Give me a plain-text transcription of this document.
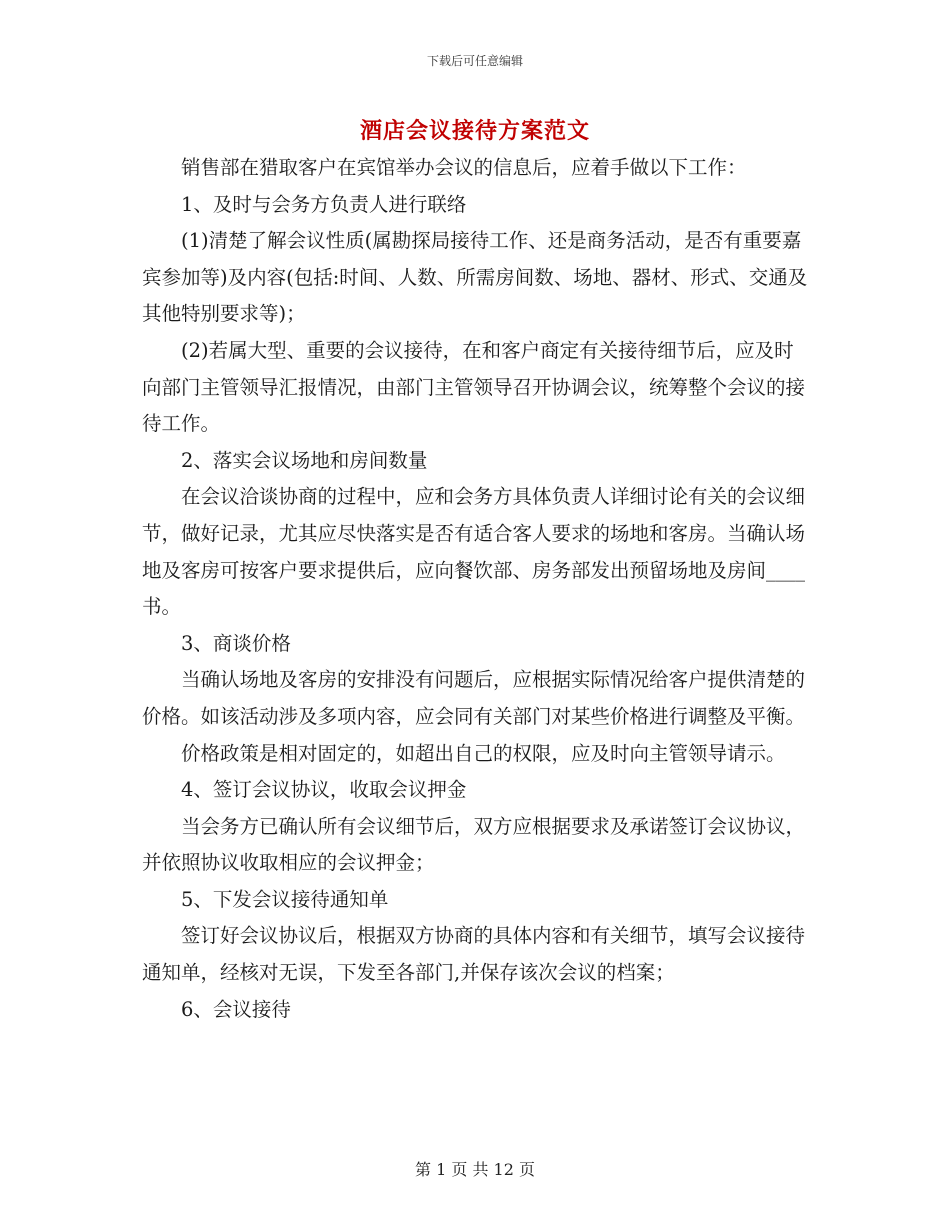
下载后可任意编辑
酒店会议接待方案范文

销售部在猎取客户在宾馆举办会议的信息后，应着手做以下工作：

1、及时与会务方负责人进行联络

(1)清楚了解会议性质(属勘探局接待工作、还是商务活动，是否有重要嘉宾参加等)及内容(包括:时间、人数、所需房间数、场地、器材、形式、交通及其他特别要求等)；

(2)若属大型、重要的会议接待，在和客户商定有关接待细节后，应及时向部门主管领导汇报情况，由部门主管领导召开协调会议，统筹整个会议的接待工作。

2、落实会议场地和房间数量

在会议洽谈协商的过程中，应和会务方具体负责人详细讨论有关的会议细节，做好记录，尤其应尽快落实是否有适合客人要求的场地和客房。当确认场地及客房可按客户要求提供后，应向餐饮部、房务部发出预留场地及房间____书。

3、商谈价格

当确认场地及客房的安排没有问题后，应根据实际情况给客户提供清楚的价格。如该活动涉及多项内容，应会同有关部门对某些价格进行调整及平衡。

价格政策是相对固定的，如超出自己的权限，应及时向主管领导请示。

4、签订会议协议，收取会议押金

当会务方已确认所有会议细节后，双方应根据要求及承诺签订会议协议，并依照协议收取相应的会议押金；

5、下发会议接待通知单

签订好会议协议后，根据双方协商的具体内容和有关细节，填写会议接待通知单，经核对无误，下发至各部门,并保存该次会议的档案；

6、会议接待

第 1 页 共 12 页
